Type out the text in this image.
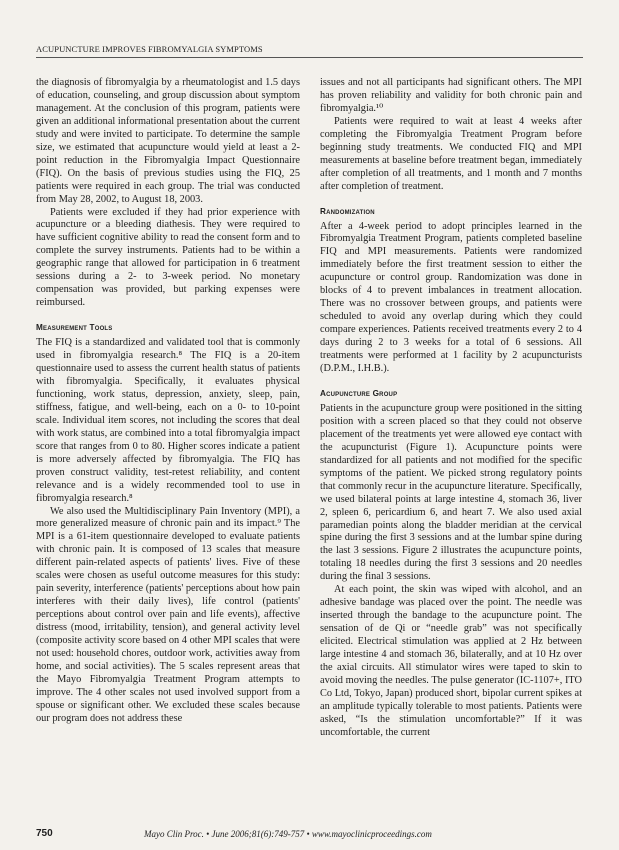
ACUPUNCTURE IMPROVES FIBROMYALGIA SYMPTOMS

the diagnosis of fibromyalgia by a rheumatologist and 1.5 days of education, counseling, and group discussion about symptom management. At the conclusion of this program, patients were given an additional informational presentation about the current study and were invited to participate. To determine the sample size, we estimated that acupuncture would yield at least a 2-point reduction in the Fibromyalgia Impact Questionnaire (FIQ). On the basis of previous studies using the FIQ, 25 patients were required in each group. The trial was conducted from May 28, 2002, to August 18, 2003.

Patients were excluded if they had prior experience with acupuncture or a bleeding diathesis. They were required to have sufficient cognitive ability to read the consent form and to complete the survey instruments. Patients had to be within a geographic range that allowed for participation in 6 treatment sessions during a 2- to 3-week period. No monetary compensation was provided, but parking expenses were reimbursed.

Measurement Tools

The FIQ is a standardized and validated tool that is commonly used in fibromyalgia research.⁸ The FIQ is a 20-item questionnaire used to assess the current health status of patients with fibromyalgia. Specifically, it evaluates physical functioning, work status, depression, anxiety, sleep, pain, stiffness, fatigue, and well-being, each on a 0- to 10-point scale. Individual item scores, not including the scores that deal with work status, are combined into a total fibromyalgia impact score that ranges from 0 to 80. Higher scores indicate a patient is more adversely affected by fibromyalgia. The FIQ has proven construct validity, test-retest reliability, and content relevance and is a widely recommended tool to use in fibromyalgia research.⁸

We also used the Multidisciplinary Pain Inventory (MPI), a more generalized measure of chronic pain and its impact.⁹ The MPI is a 61-item questionnaire developed to evaluate patients with chronic pain. It is composed of 13 scales that measure different pain-related aspects of patients' lives. Five of these scales were chosen as useful outcome measures for this study: pain severity, interference (patients' perceptions about how pain interferes with their daily lives), life control (patients' perceptions about control over pain and life events), affective distress (mood, irritability, tension), and general activity level (composite activity score based on 4 other MPI scales that were not used: household chores, outdoor work, activities away from home, and social activities). The 5 scales represent areas that the Mayo Fibromyalgia Treatment Program attempts to improve. The 4 other scales not used involved support from a spouse or significant other. We excluded these scales because our program does not address these

issues and not all participants had significant others. The MPI has proven reliability and validity for both chronic pain and fibromyalgia.¹⁰

Patients were required to wait at least 4 weeks after completing the Fibromyalgia Treatment Program before beginning study treatments. We conducted FIQ and MPI measurements at baseline before treatment began, immediately after completion of all treatments, and 1 month and 7 months after completion of treatment.

Randomization

After a 4-week period to adopt principles learned in the Fibromyalgia Treatment Program, patients completed baseline FIQ and MPI measurements. Patients were randomized immediately before the first treatment session to either the acupuncture or control group. Randomization was done in blocks of 4 to prevent imbalances in treatment allocation. There was no crossover between groups, and patients were scheduled to avoid any overlap during which they could compare experiences. Patients received treatments every 2 to 4 days during 2 to 3 weeks for a total of 6 sessions. All treatments were performed at 1 facility by 2 acupuncturists (D.P.M., I.H.B.).

Acupuncture Group

Patients in the acupuncture group were positioned in the sitting position with a screen placed so that they could not observe placement of the treatments yet were allowed eye contact with the acupuncturist (Figure 1). Acupuncture points were standardized for all patients and not modified for the specific symptoms of the patient. We picked strong regulatory points that commonly recur in the acupuncture literature. Specifically, we used bilateral points at large intestine 4, stomach 36, liver 2, spleen 6, pericardium 6, and heart 7. We also used axial paramedian points along the bladder meridian at the cervical spine during the first 3 sessions and at the lumbar spine during the last 3 sessions. Figure 2 illustrates the acupuncture points, totaling 18 needles during the first 3 sessions and 20 needles during the final 3 sessions.

At each point, the skin was wiped with alcohol, and an adhesive bandage was placed over the point. The needle was inserted through the bandage to the acupuncture point. The sensation of de Qi or “needle grab” was not specifically elicited. Electrical stimulation was applied at 2 Hz between large intestine 4 and stomach 36, bilaterally, and at 10 Hz over the axial circuits. All stimulator wires were taped to skin to avoid moving the needles. The pulse generator (IC-1107+, ITO Co Ltd, Tokyo, Japan) produced short, bipolar current spikes at an amplitude typically tolerable to most patients. Patients were asked, “Is the stimulation uncomfortable?” If it was uncomfortable, the current

750	Mayo Clin Proc. • June 2006;81(6):749-757 • www.mayoclinicproceedings.com
